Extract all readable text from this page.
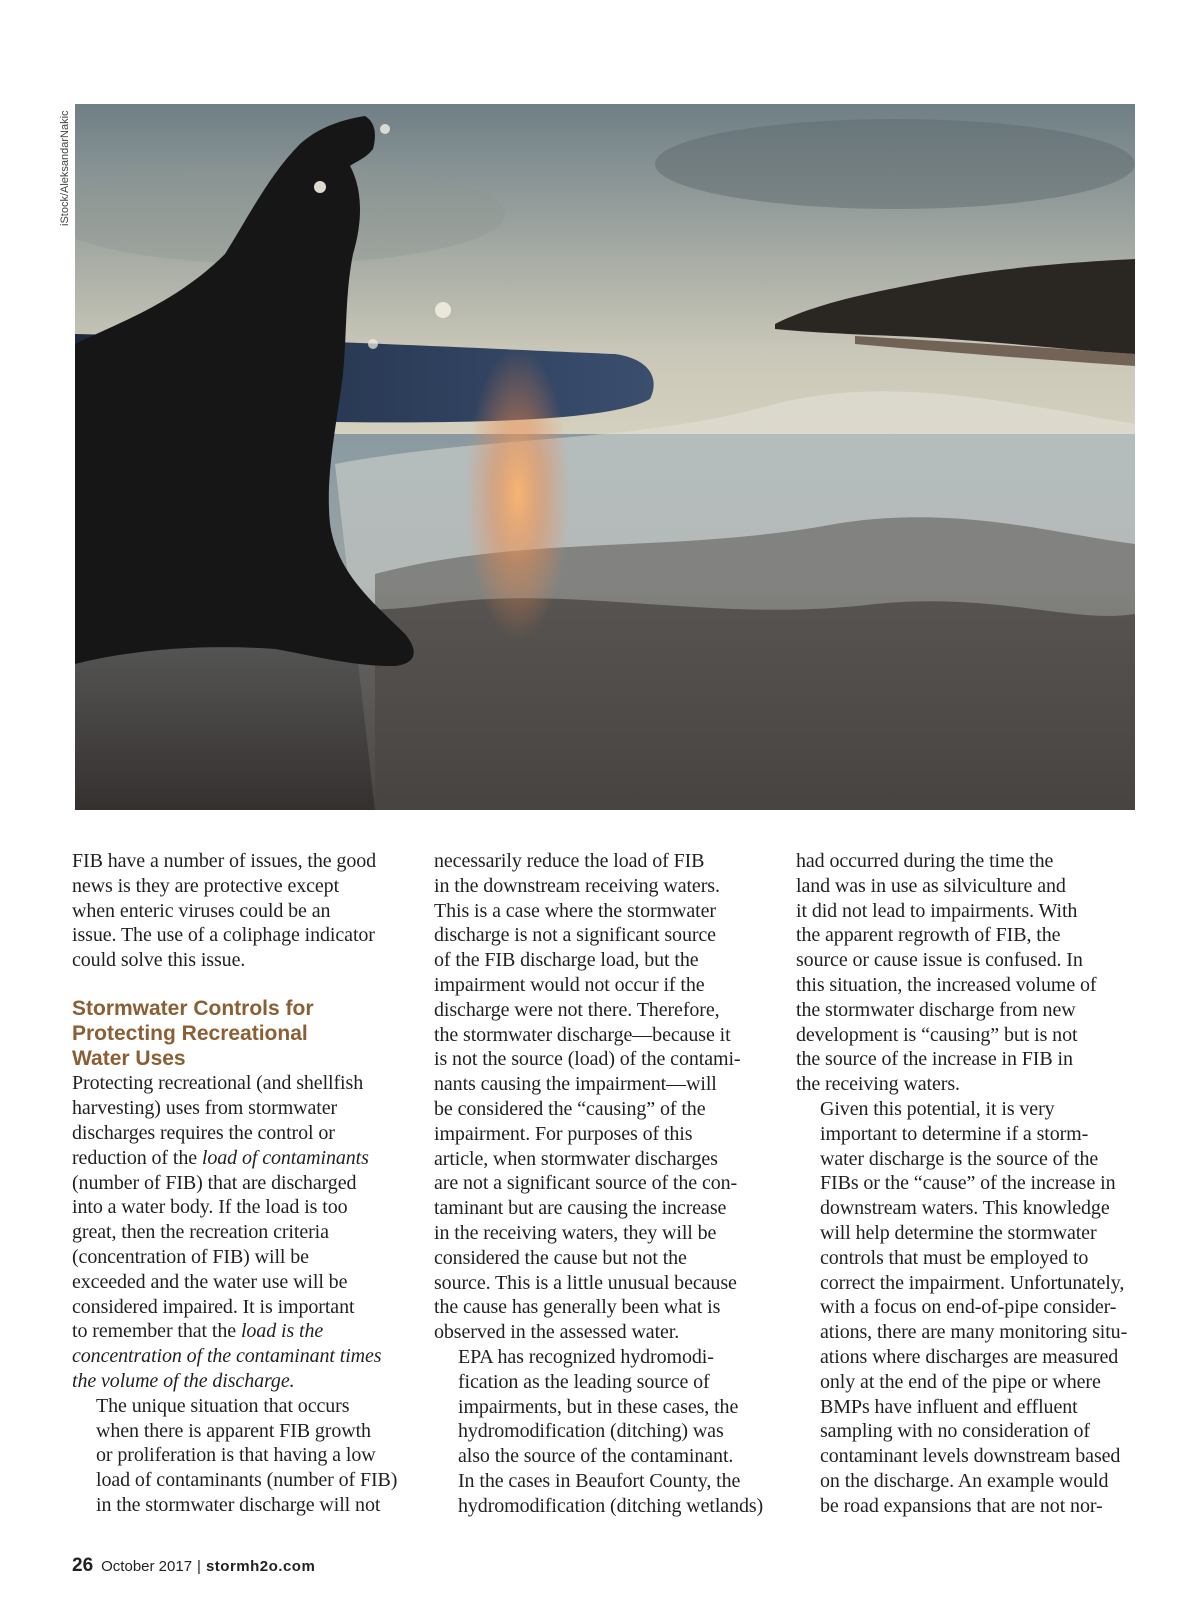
iStock/AleksandarNakic

FIB have a number of issues, the good
news is they are protective except
when enteric viruses could be an
issue. The use of a coliphage indicator
could solve this issue.

Stormwater Controls for
Protecting Recreational
Water Uses

Protecting recreational (and shellfish
harvesting) uses from stormwater
discharges requires the control or
reduction of the load of contaminants
(number of FIB) that are discharged
into a water body. If the load is too
great, then the recreation criteria
(concentration of FIB) will be
exceeded and the water use will be
considered impaired. It is important
to remember that the load is the
concentration of the contaminant times
the volume of the discharge.

The unique situation that occurs
when there is apparent FIB growth
or proliferation is that having a low
load of contaminants (number of FIB)
in the stormwater discharge will not

necessarily reduce the load of FIB
in the downstream receiving waters.
This is a case where the stormwater
discharge is not a significant source
of the FIB discharge load, but the
impairment would not occur if the
discharge were not there. Therefore,
the stormwater discharge—because it
is not the source (load) of the contami-
nants causing the impairment—will
be considered the “causing” of the
impairment. For purposes of this
article, when stormwater discharges
are not a significant source of the con-
taminant but are causing the increase
in the receiving waters, they will be
considered the cause but not the
source. This is a little unusual because
the cause has generally been what is
observed in the assessed water.

EPA has recognized hydromodi-
fication as the leading source of
impairments, but in these cases, the
hydromodification (ditching) was
also the source of the contaminant.
In the cases in Beaufort County, the
hydromodification (ditching wetlands)

had occurred during the time the
land was in use as silviculture and
it did not lead to impairments. With
the apparent regrowth of FIB, the
source or cause issue is confused. In
this situation, the increased volume of
the stormwater discharge from new
development is “causing” but is not
the source of the increase in FIB in
the receiving waters.

Given this potential, it is very
important to determine if a storm-
water discharge is the source of the
FIBs or the “cause” of the increase in
downstream waters. This knowledge
will help determine the stormwater
controls that must be employed to
correct the impairment. Unfortunately,
with a focus on end-of-pipe consider-
ations, there are many monitoring situ-
ations where discharges are measured
only at the end of the pipe or where
BMPs have influent and effluent
sampling with no consideration of
contaminant levels downstream based
on the discharge. An example would
be road expansions that are not nor-

26 October 2017 | stormh2o.com
